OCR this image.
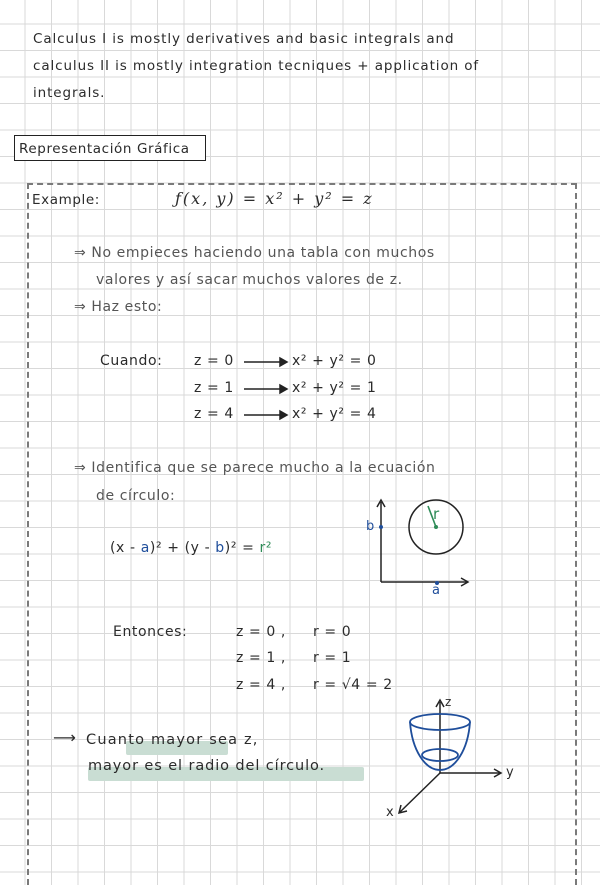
Calculus I is mostly derivatives and basic integrals and
calculus II is mostly integration tecniques + application of
integrals.
Representación Gráfica
Example:	ƒ(x, y) = x² + y² = z
⇒ No empieces haciendo una tabla con muchos
valores y así sacar muchos valores de z.
⇒ Haz esto:
Cuando: z = 0
z = 1
z = 4
x² + y² = 0
x² + y² = 1
x² + y² = 4
⇒ Identifica que se parece mucho a la ecuación
de círculo:
(x - a)² + (y - b)² = r²
r
a
b
Entonces:	z = 0 ,
z = 1 ,
z = 4 ,
r = 0
r = 1
r = √4 = 2
⟶ Cuanto mayor sea z,
mayor es el radio del círculo.
z
y
x
